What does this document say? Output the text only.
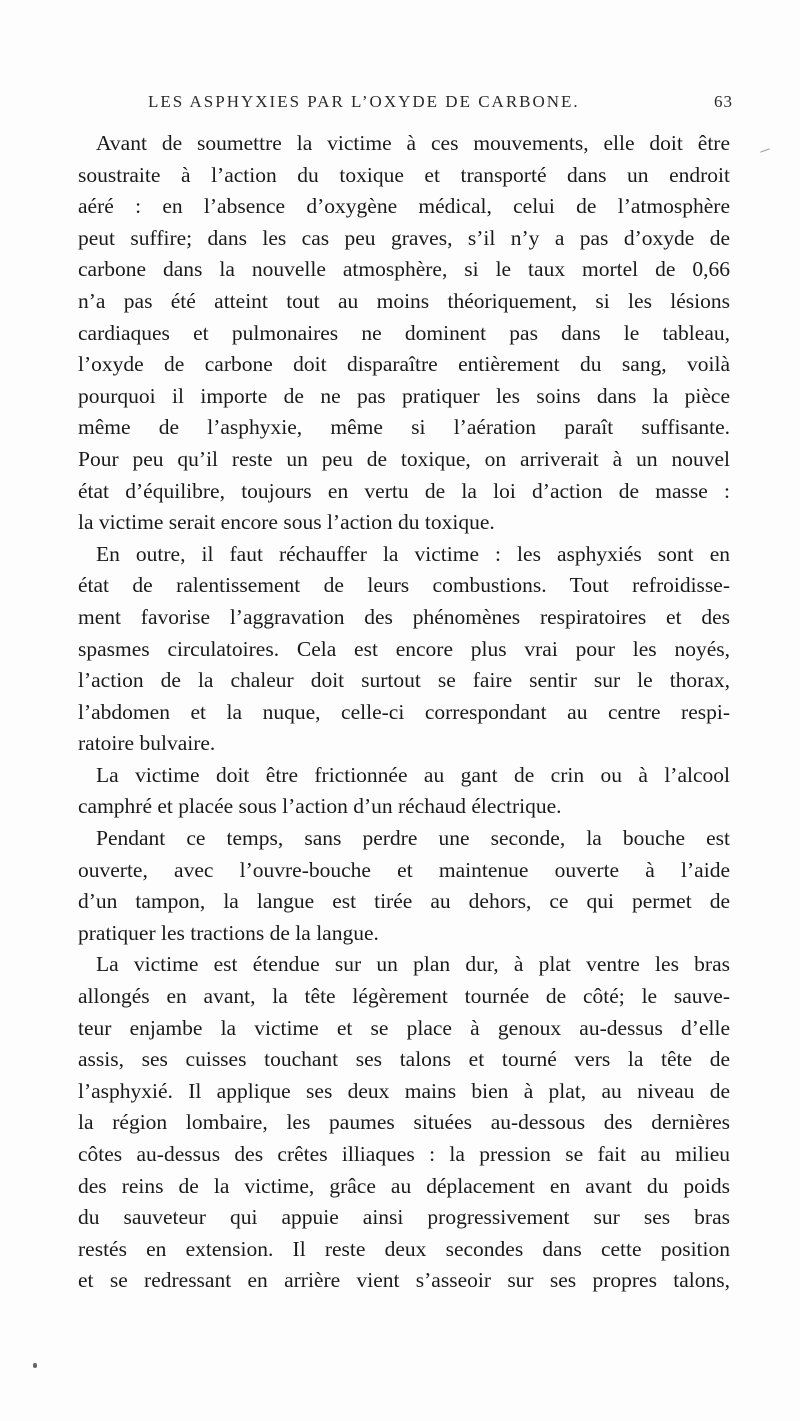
LES ASPHYXIES PAR L’OXYDE DE CARBONE.	63
Avant de soumettre la victime à ces mouvements, elle doit être
soustraite à l’action du toxique et transporté dans un endroit
aéré : en l’absence d’oxygène médical, celui de l’atmosphère
peut suffire; dans les cas peu graves, s’il n’y a pas d’oxyde de
carbone dans la nouvelle atmosphère, si le taux mortel de 0,66
n’a pas été atteint tout au moins théoriquement, si les lésions
cardiaques et pulmonaires ne dominent pas dans le tableau,
l’oxyde de carbone doit disparaître entièrement du sang, voilà
pourquoi il importe de ne pas pratiquer les soins dans la pièce
même de l’asphyxie, même si l’aération paraît suffisante.
Pour peu qu’il reste un peu de toxique, on arriverait à un nouvel
état d’équilibre, toujours en vertu de la loi d’action de masse :
la victime serait encore sous l’action du toxique.
En outre, il faut réchauffer la victime : les asphyxiés sont en
état de ralentissement de leurs combustions. Tout refroidisse-
ment favorise l’aggravation des phénomènes respiratoires et des
spasmes circulatoires. Cela est encore plus vrai pour les noyés,
l’action de la chaleur doit surtout se faire sentir sur le thorax,
l’abdomen et la nuque, celle-ci correspondant au centre respi-
ratoire bulvaire.
La victime doit être frictionnée au gant de crin ou à l’alcool
camphré et placée sous l’action d’un réchaud électrique.
Pendant ce temps, sans perdre une seconde, la bouche est
ouverte, avec l’ouvre-bouche et maintenue ouverte à l’aide
d’un tampon, la langue est tirée au dehors, ce qui permet de
pratiquer les tractions de la langue.
La victime est étendue sur un plan dur, à plat ventre les bras
allongés en avant, la tête légèrement tournée de côté; le sauve-
teur enjambe la victime et se place à genoux au-dessus d’elle
assis, ses cuisses touchant ses talons et tourné vers la tête de
l’asphyxié. Il applique ses deux mains bien à plat, au niveau de
la région lombaire, les paumes situées au-dessous des dernières
côtes au-dessus des crêtes illiaques : la pression se fait au milieu
des reins de la victime, grâce au déplacement en avant du poids
du sauveteur qui appuie ainsi progressivement sur ses bras
restés en extension. Il reste deux secondes dans cette position
et se redressant en arrière vient s’asseoir sur ses propres talons,
